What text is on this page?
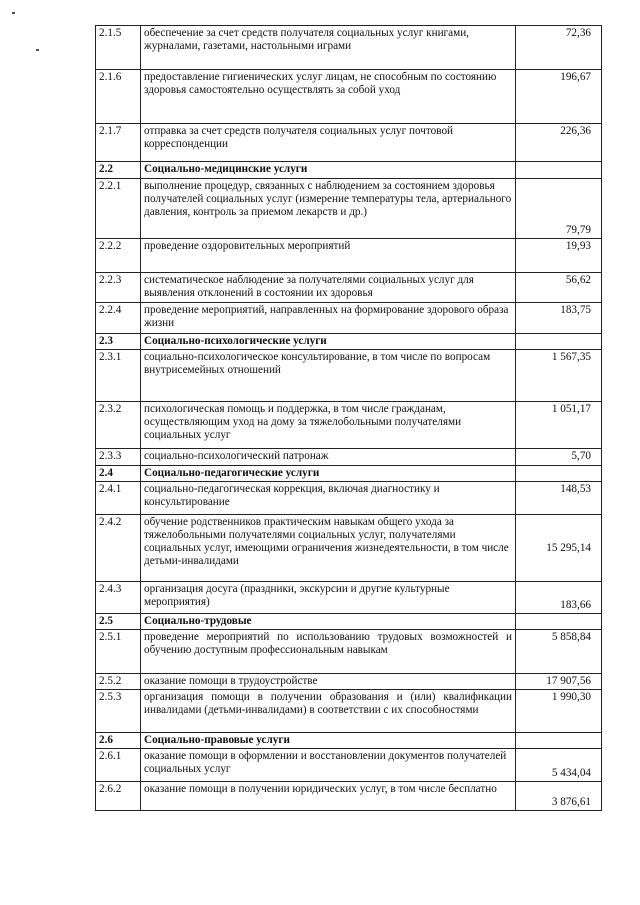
2.1.5	обеспечение за счет средств получателя социальных услуг книгами, журналами, газетами, настольными играми	72,36
2.1.6	предоставление гигиенических услуг лицам, не способным по состоянию здоровья самостоятельно осуществлять за собой уход	196,67
2.1.7	отправка за счет средств получателя социальных услуг почтовой корреспонденции	226,36
2.2	Социально-медицинские услуги	
2.2.1	выполнение процедур, связанных с наблюдением за состоянием здоровья получателей социальных услуг (измерение температуры тела, артериального давления, контроль за приемом лекарств и др.)	79,79
2.2.2	проведение оздоровительных мероприятий	19,93
2.2.3	систематическое наблюдение за получателями социальных услуг для выявления отклонений в состоянии их здоровья	56,62
2.2.4	проведение мероприятий, направленных на формирование здорового образа жизни	183,75
2.3	Социально-психологические услуги	
2.3.1	социально-психологическое консультирование, в том числе по вопросам внутрисемейных отношений	1 567,35
2.3.2	психологическая помощь и поддержка, в том числе гражданам, осуществляющим уход на дому за тяжелобольными получателями социальных услуг	1 051,17
2.3.3	социально-психологический патронаж	5,70
2.4	Социально-педагогические услуги	
2.4.1	социально-педагогическая коррекция, включая диагностику и консультирование	148,53
2.4.2	обучение родственников практическим навыкам общего ухода за тяжелобольными получателями социальных услуг, получателями социальных услуг, имеющими ограничения жизнедеятельности, в том числе детьми-инвалидами	15 295,14
2.4.3	организация досуга (праздники, экскурсии и другие культурные мероприятия)	183,66
2.5	Социально-трудовые	
2.5.1	проведение мероприятий по использованию трудовых возможностей и обучению доступным профессиональным навыкам	5 858,84
2.5.2	оказание помощи в трудоустройстве	17 907,56
2.5.3	организация помощи в получении образования и (или) квалификации инвалидами (детьми-инвалидами) в соответствии с их способностями	1 990,30
2.6	Социально-правовые услуги	
2.6.1	оказание помощи в оформлении и восстановлении документов получателей социальных услуг	5 434,04
2.6.2	оказание помощи в получении юридических услуг, в том числе бесплатно	3 876,61
